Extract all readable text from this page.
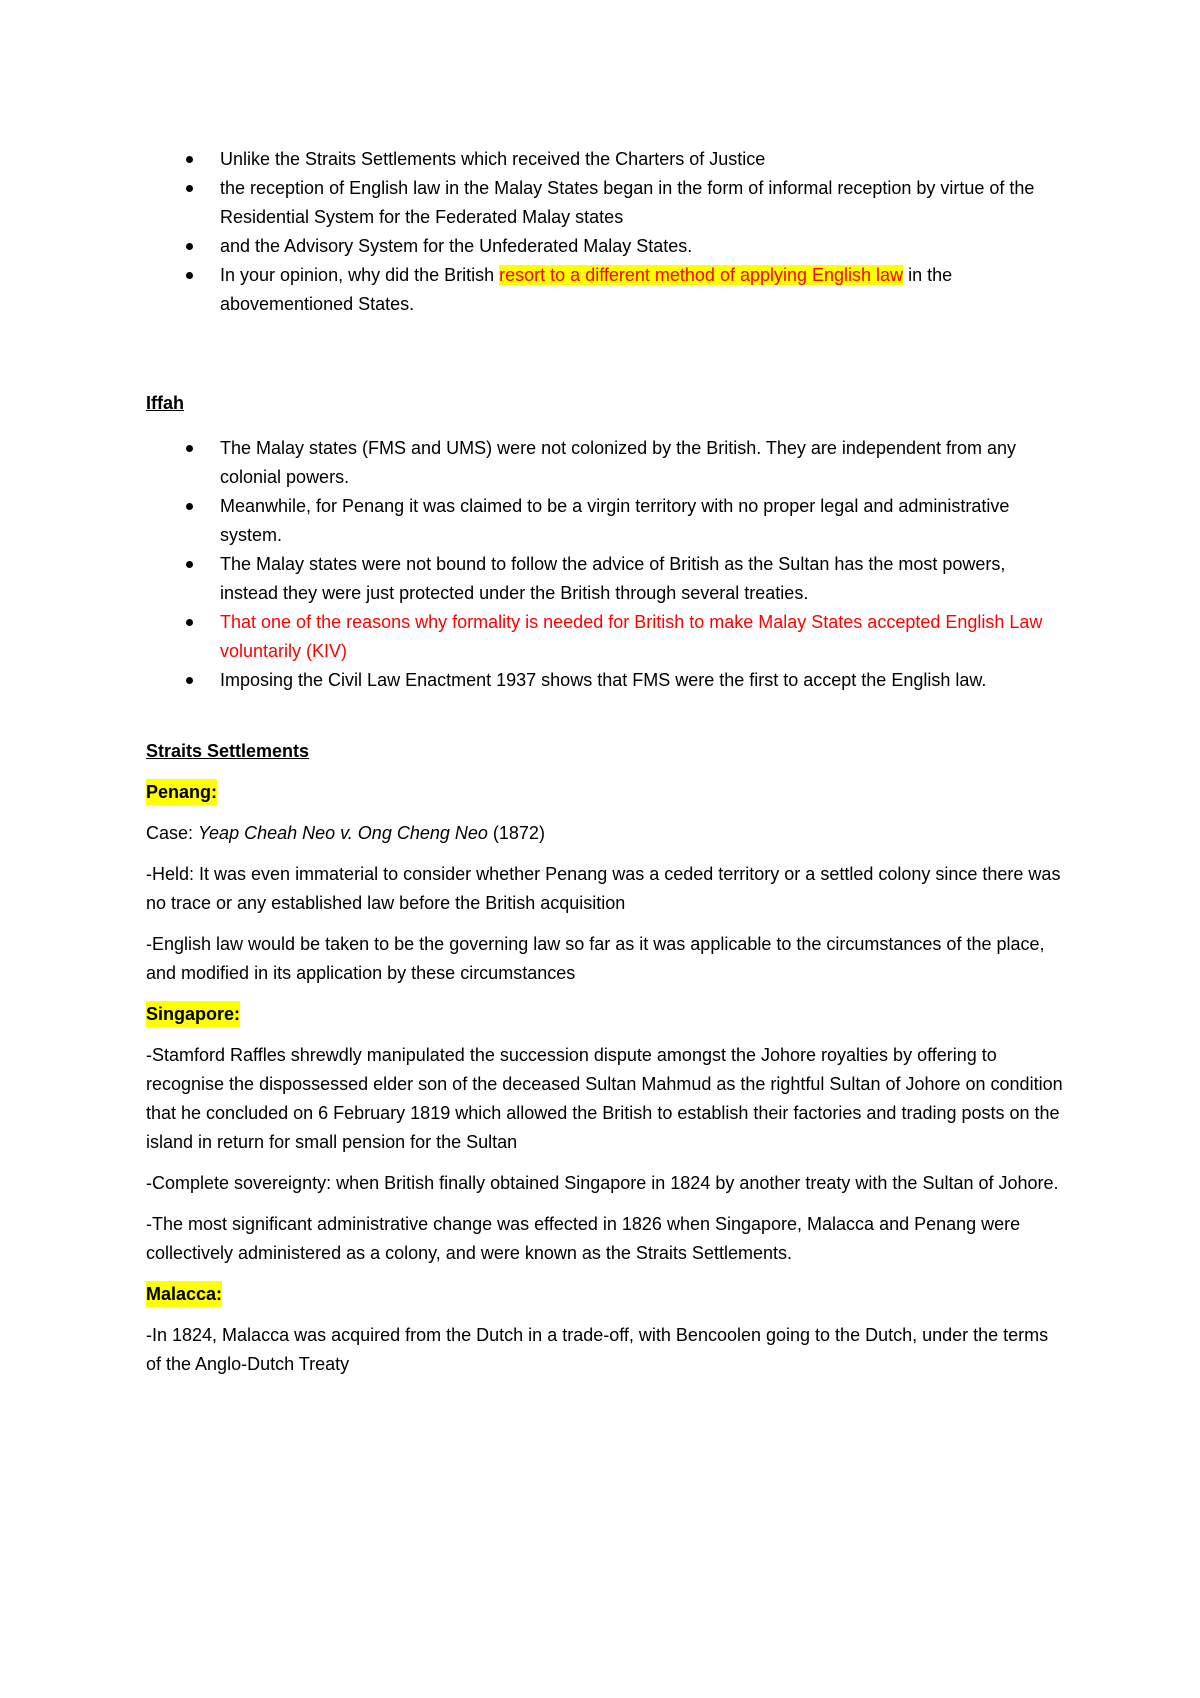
Unlike the Straits Settlements which received the Charters of Justice
the reception of English law in the Malay States began in the form of informal reception by virtue of the Residential System for the Federated Malay states
and the Advisory System for the Unfederated Malay States.
In your opinion, why did the British resort to a different method of applying English law in the abovementioned States.

Iffah

The Malay states (FMS and UMS) were not colonized by the British. They are independent from any colonial powers.
Meanwhile, for Penang it was claimed to be a virgin territory with no proper legal and administrative system.
The Malay states were not bound to follow the advice of British as the Sultan has the most powers, instead they were just protected under the British through several treaties.
That one of the reasons why formality is needed for British to make Malay States accepted English Law voluntarily (KIV)
Imposing the Civil Law Enactment 1937 shows that FMS were the first to accept the English law.

Straits Settlements

Penang:

Case: Yeap Cheah Neo v. Ong Cheng Neo (1872)

-Held: It was even immaterial to consider whether Penang was a ceded territory or a settled colony since there was no trace or any established law before the British acquisition

-English law would be taken to be the governing law so far as it was applicable to the circumstances of the place, and modified in its application by these circumstances

Singapore:

-Stamford Raffles shrewdly manipulated the succession dispute amongst the Johore royalties by offering to recognise the dispossessed elder son of the deceased Sultan Mahmud as the rightful Sultan of Johore on condition that he concluded on 6 February 1819 which allowed the British to establish their factories and trading posts on the island in return for small pension for the Sultan

-Complete sovereignty: when British finally obtained Singapore in 1824 by another treaty with the Sultan of Johore.

-The most significant administrative change was effected in 1826 when Singapore, Malacca and Penang were collectively administered as a colony, and were known as the Straits Settlements.

Malacca:

-In 1824, Malacca was acquired from the Dutch in a trade-off, with Bencoolen going to the Dutch, under the terms of the Anglo-Dutch Treaty
